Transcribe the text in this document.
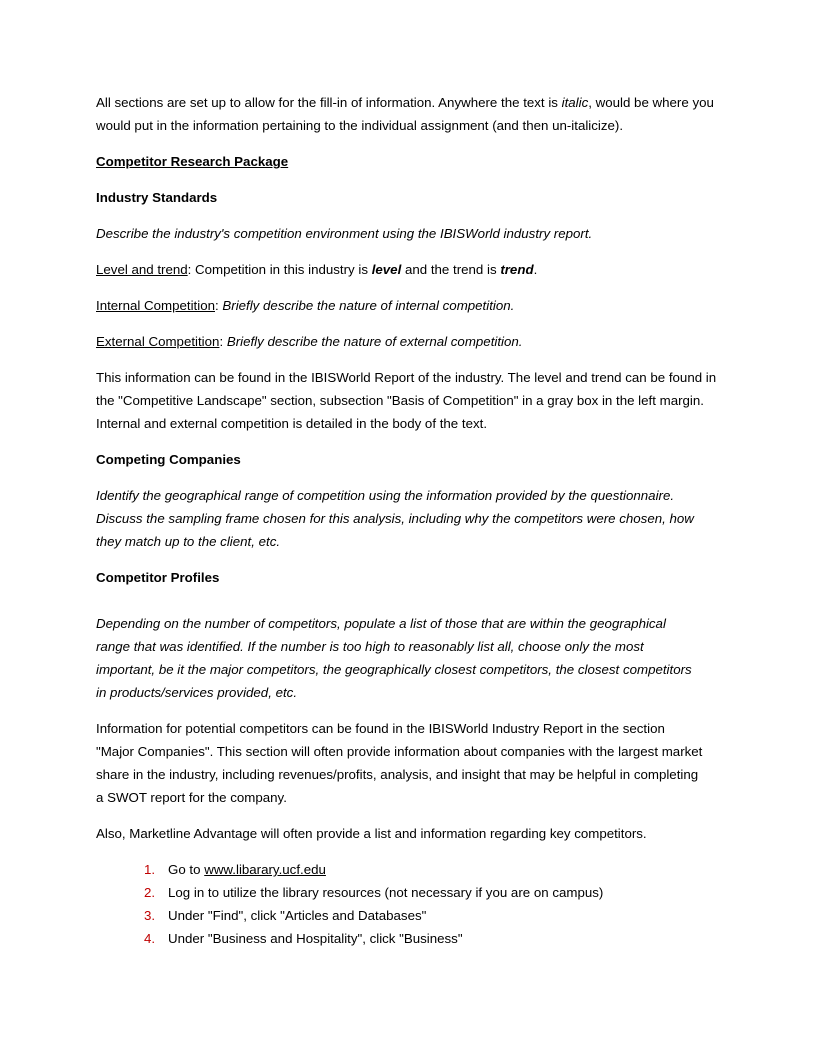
All sections are set up to allow for the fill-in of information. Anywhere the text is italic, would be where you would put in the information pertaining to the individual assignment (and then un-italicize).

Competitor Research Package

Industry Standards

Describe the industry's competition environment using the IBISWorld industry report.

Level and trend: Competition in this industry is level and the trend is trend.

Internal Competition: Briefly describe the nature of internal competition.

External Competition: Briefly describe the nature of external competition.

This information can be found in the IBISWorld Report of the industry. The level and trend can be found in the "Competitive Landscape" section, subsection "Basis of Competition" in a gray box in the left margin. Internal and external competition is detailed in the body of the text.

Competing Companies

Identify the geographical range of competition using the information provided by the questionnaire. Discuss the sampling frame chosen for this analysis, including why the competitors were chosen, how they match up to the client, etc.

Competitor Profiles

Depending on the number of competitors, populate a list of those that are within the geographical range that was identified. If the number is too high to reasonably list all, choose only the most important, be it the major competitors, the geographically closest competitors, the closest competitors in products/services provided, etc.

Information for potential competitors can be found in the IBISWorld Industry Report in the section "Major Companies". This section will often provide information about companies with the largest market share in the industry, including revenues/profits, analysis, and insight that may be helpful in completing a SWOT report for the company.

Also, Marketline Advantage will often provide a list and information regarding key competitors.

1. Go to www.libarary.ucf.edu
2. Log in to utilize the library resources (not necessary if you are on campus)
3. Under "Find", click "Articles and Databases"
4. Under "Business and Hospitality", click "Business"
